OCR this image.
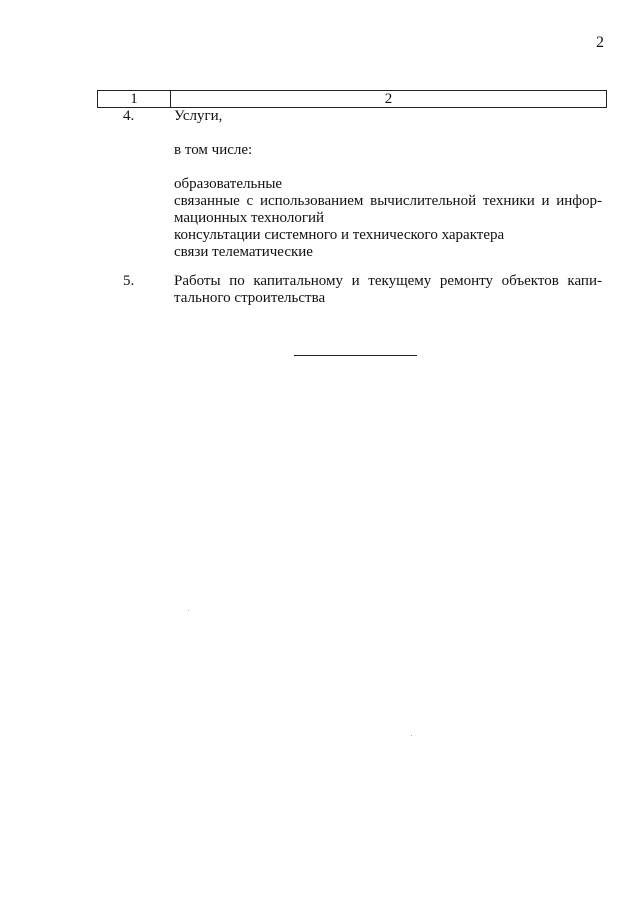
2
1	2
4.	Услуги,
в том числе:
образовательные
связанные с использованием вычислительной техники и инфор-
мационных технологий
консультации системного и технического характера
связи телематические
5.	Работы по капитальному и текущему ремонту объектов капи-
тального строительства
